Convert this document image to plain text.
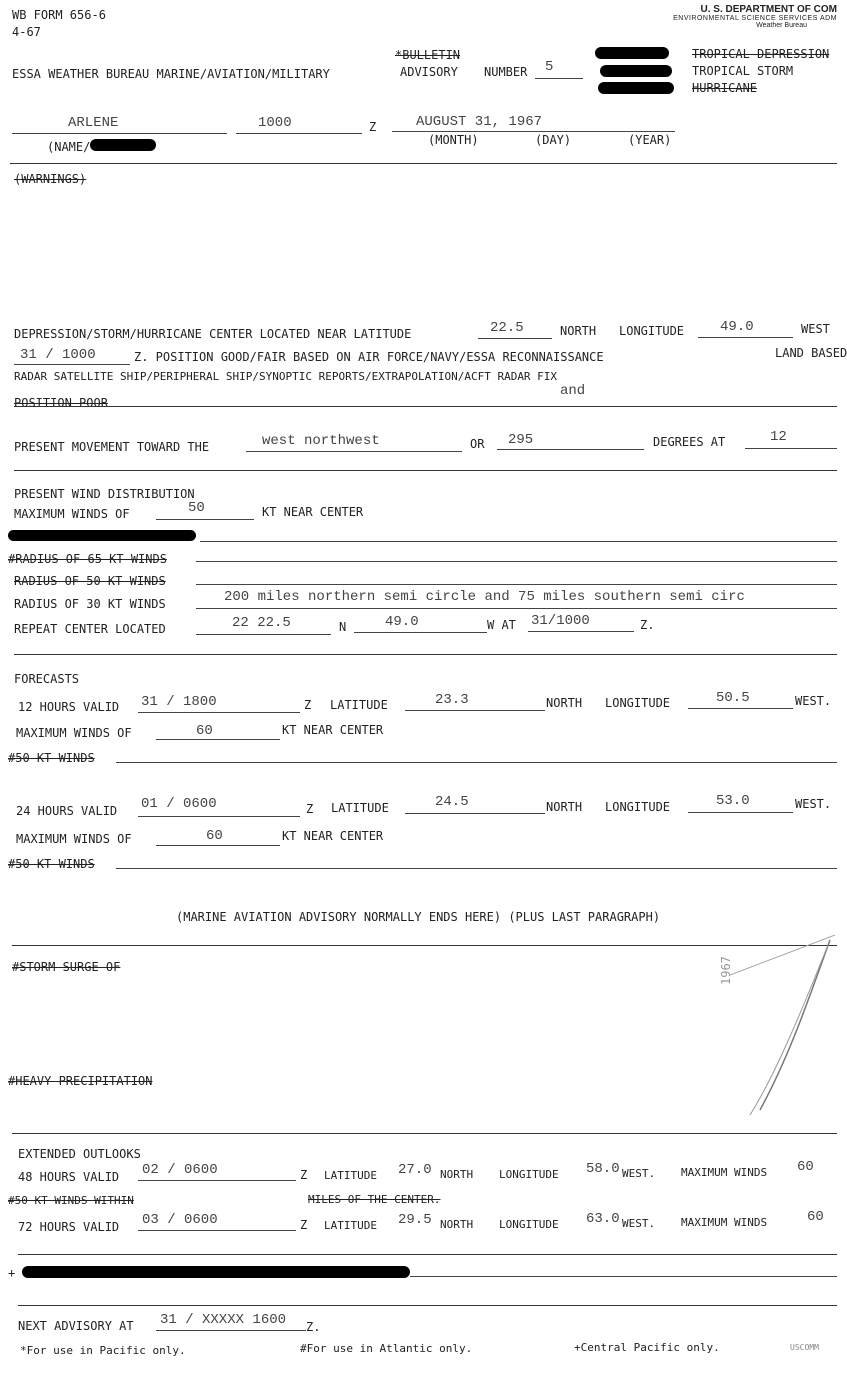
WB FORM 656-6
4-67
U. S. DEPARTMENT OF COM
ENVIRONMENTAL SCIENCE SERVICES ADM
Weather Bureau
*BULLETIN
ADVISORY NUMBER 5
ESSA WEATHER BUREAU MARINE/AVIATION/MILITARY
TROPICAL DEPRESSION
TROPICAL STORM
HURRICANE
ARLENE	1000	Z	AUGUST 31, 1967
(NAME/	(MONTH)	(DAY)	(YEAR)
(WARNINGS)
DEPRESSION/STORM/HURRICANE CENTER LOCATED NEAR LATITUDE	22.5	NORTH LONGITUDE	49.0	WEST
31 / 1000	Z. POSITION GOOD/FAIR BASED ON AIR FORCE/NAVY/ESSA RECONNAISSANCE	LAND BASED
RADAR SATELLITE SHIP/PERIPHERAL SHIP/SYNOPTIC REPORTS/EXTRAPOLATION/ACFT RADAR FIX
and
POSITION POOR
PRESENT MOVEMENT TOWARD THE	west northwest	OR 295	DEGREES AT	12
PRESENT WIND DISTRIBUTION
MAXIMUM WINDS OF	50	KT NEAR CENTER
#RADIUS OF 65 KT WINDS
RADIUS OF 50 KT WINDS
RADIUS OF 30 KT WINDS	200 miles northern semi circle and 75 miles southern semi circ
REPEAT CENTER LOCATED	22 22.5	N	49.0	W AT 31/1000	Z.
FORECASTS
12 HOURS VALID 31 / 1800	Z LATITUDE	23.3	NORTH LONGITUDE	50.5	WEST.
MAXIMUM WINDS OF	60	KT NEAR CENTER
#50 KT WINDS
24 HOURS VALID 01 / 0600	Z LATITUDE	24.5	NORTH LONGITUDE	53.0	WEST.
MAXIMUM WINDS OF	60	KT NEAR CENTER
#50 KT WINDS
(MARINE AVIATION ADVISORY NORMALLY ENDS HERE) (PLUS LAST PARAGRAPH)
#STORM SURGE OF	1967
#HEAVY PRECIPITATION
EXTENDED OUTLOOKS
48 HOURS VALID 02 / 0600	Z LATITUDE 27.0 NORTH LONGITUDE 58.0 WEST. MAXIMUM WINDS 60
#50 KT WINDS WITHIN	MILES OF THE CENTER.
72 HOURS VALID 03 / 0600	Z LATITUDE 29.5 NORTH LONGITUDE 63.0 WEST. MAXIMUM WINDS	60
+
NEXT ADVISORY AT 31 / XXXXX 1600 Z.
*For use in Pacific only.	#For use in Atlantic only.	+Central Pacific only.	USCOMM
